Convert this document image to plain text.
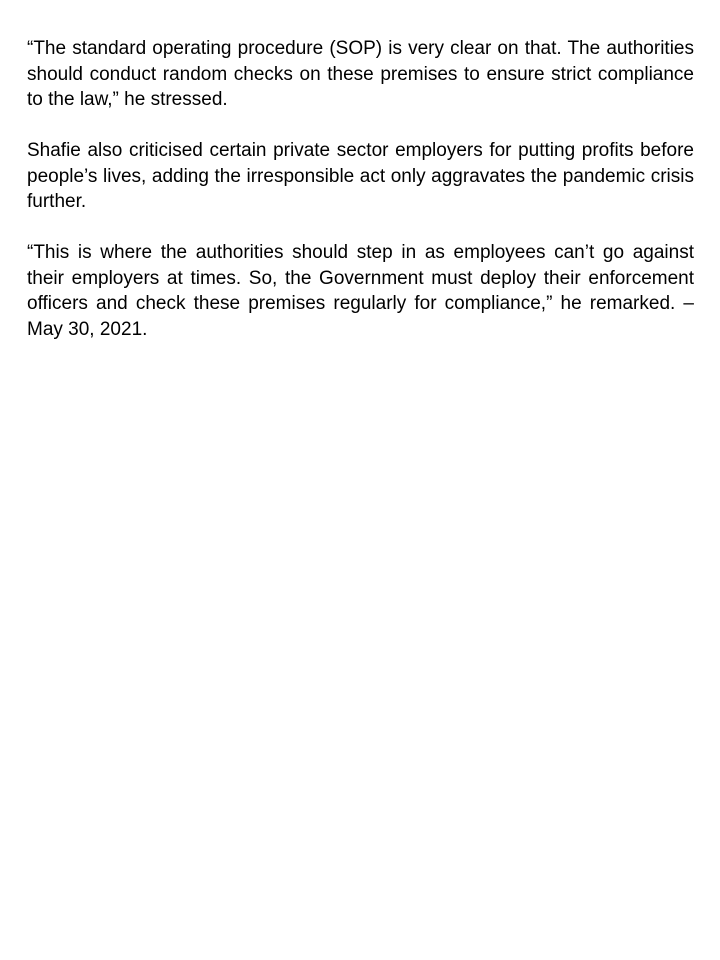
“The standard operating procedure (SOP) is very clear on that. The authorities should conduct random checks on these premises to ensure strict compliance to the law,” he stressed.

Shafie also criticised certain private sector employers for putting profits before people’s lives, adding the irresponsible act only aggravates the pandemic crisis further.

“This is where the authorities should step in as employees can’t go against their employers at times. So, the Government must deploy their enforcement officers and check these premises regularly for compliance,” he remarked. – May 30, 2021.
